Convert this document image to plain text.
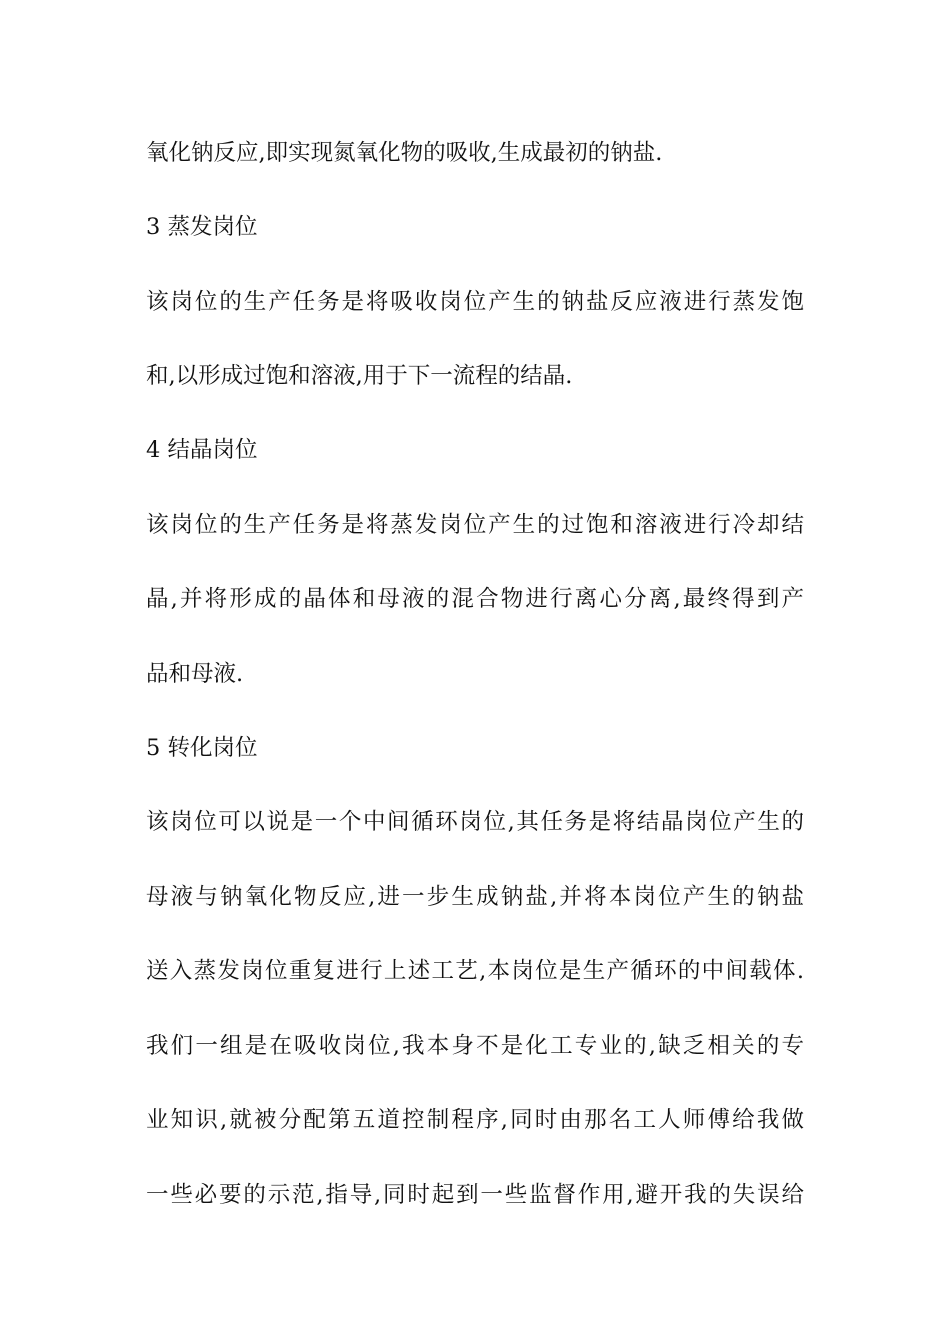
氧化钠反应,即实现氮氧化物的吸收,生成最初的钠盐.
3 蒸发岗位
该岗位的生产任务是将吸收岗位产生的钠盐反应液进行蒸发饱
和,以形成过饱和溶液,用于下一流程的结晶.
4 结晶岗位
该岗位的生产任务是将蒸发岗位产生的过饱和溶液进行冷却结
晶,并将形成的晶体和母液的混合物进行离心分离,最终得到产
品和母液.
5 转化岗位
该岗位可以说是一个中间循环岗位,其任务是将结晶岗位产生的
母液与钠氧化物反应,进一步生成钠盐,并将本岗位产生的钠盐
送入蒸发岗位重复进行上述工艺,本岗位是生产循环的中间载体.
我们一组是在吸收岗位,我本身不是化工专业的,缺乏相关的专
业知识,就被分配第五道控制程序,同时由那名工人师傅给我做
一些必要的示范,指导,同时起到一些监督作用,避开我的失误给
